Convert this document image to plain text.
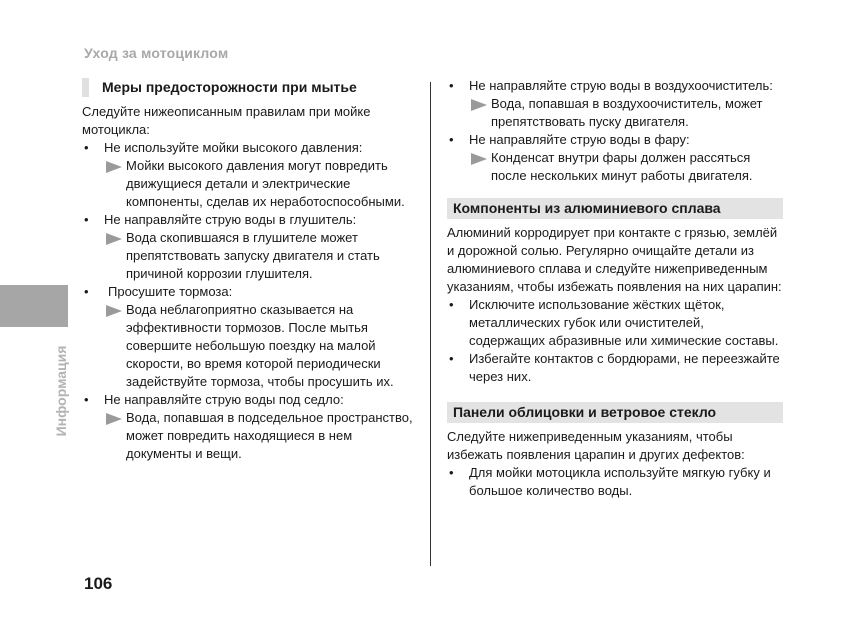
Уход за мотоциклом
Информация
Меры предосторожности при мытье

Следуйте нижеописанным правилам при мойке мотоцикла:

• Не используйте мойки высокого давления:
Мойки высокого давления могут повредить движущиеся детали и электрические компоненты, сделав их неработоспособными.
• Не направляйте струю воды в глушитель:
Вода скопившаяся в глушителе может препятствовать запуску двигателя и стать причиной коррозии глушителя.
• Просушите тормоза:
Вода неблагоприятно сказывается на эффективности тормозов. После мытья совершите небольшую поездку на малой скорости, во время которой периодически задействуйте тормоза, чтобы просушить их.
• Не направляйте струю воды под седло:
Вода, попавшая в подседельное пространство, может повредить находящиеся в нем документы и вещи.
• Не направляйте струю воды в воздухоочиститель:
Вода, попавшая в воздухоочиститель, может препятствовать пуску двигателя.
• Не направляйте струю воды в фару:
Конденсат внутри фары должен рассяться после нескольких минут работы двигателя.
Компоненты из алюминиевого сплава

Алюминий корродирует при контакте с грязью, землёй и дорожной солью. Регулярно очищайте детали из алюминиевого сплава и следуйте нижеприведенным указаниям, чтобы избежать появления на них царапин:

• Исключите использование жёстких щёток, металлических губок или очистителей, содержащих абразивные или химические составы.
• Избегайте контактов с бордюрами, не переезжайте через них.
Панели облицовки и ветровое стекло

Следуйте нижеприведенным указаниям, чтобы избежать появления царапин и других дефектов:

• Для мойки мотоцикла используйте мягкую губку и большое количество воды.
106
